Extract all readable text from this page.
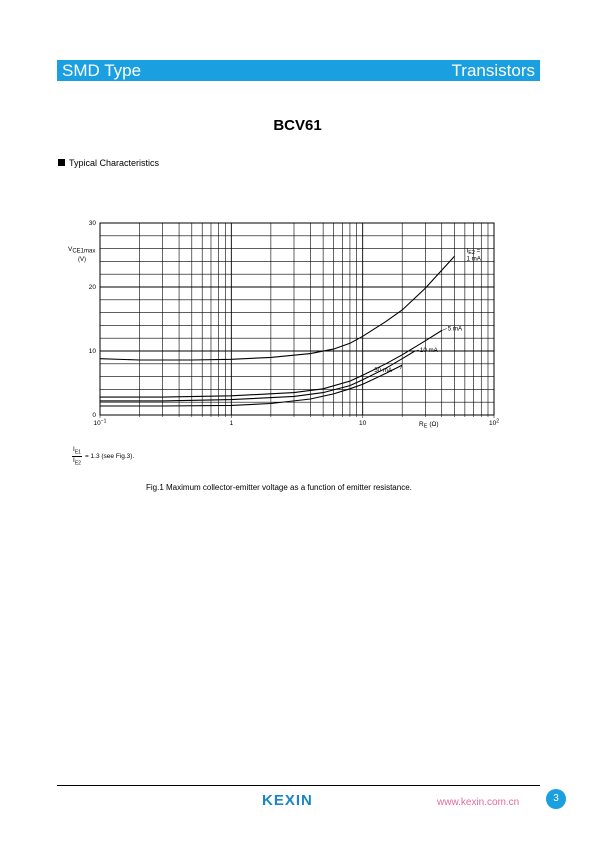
SMD Type	Transistors
BCV61
Typical Characteristics
0
10
20
30
$10^{-1}$	1	10	$10^2$
VCE1max
(V)
$R_E$ (Ω)
IE2 =
1 mA
5 mA
10 mA
50 mA
$\frac{I_{E1}}{I_{E2}} = 1.3$ (see Fig.3).
Fig.1 Maximum collector-emitter voltage as a function of emitter resistance.
KEXIN	www.kexin.com.cn	3
